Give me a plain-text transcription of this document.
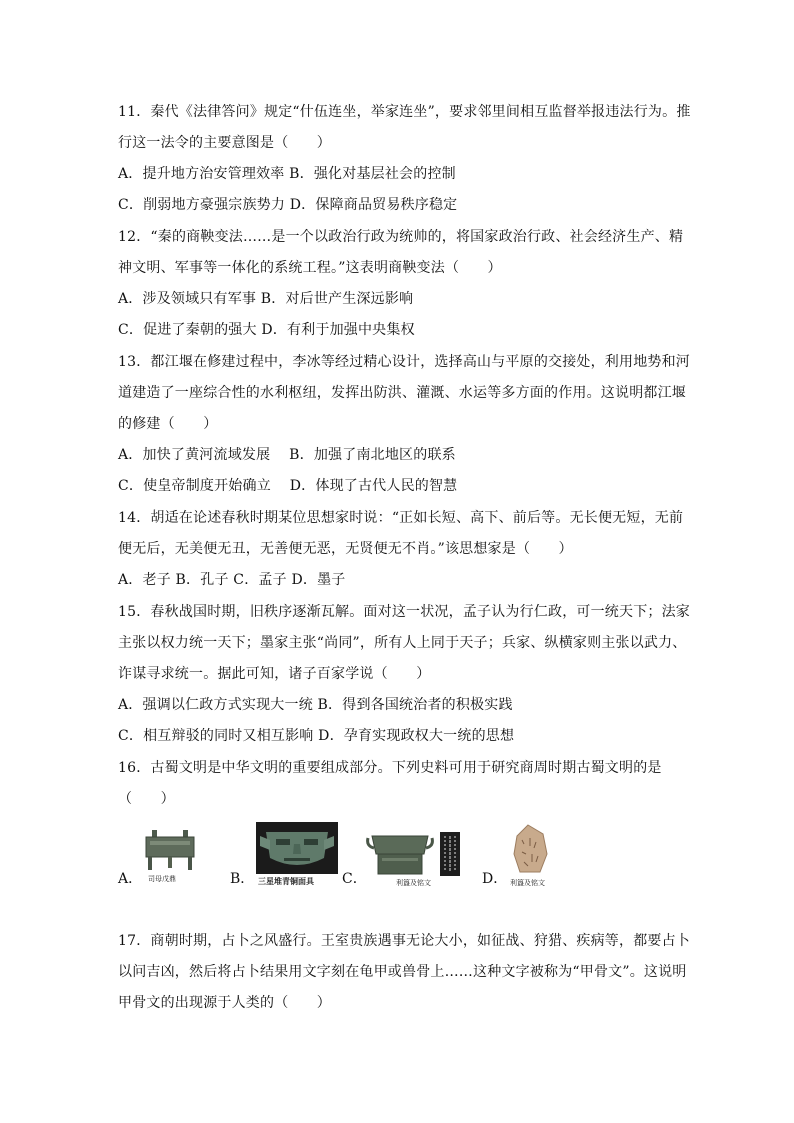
11．秦代《法律答问》规定“什伍连坐，举家连坐”，要求邻里间相互监督举报违法行为。推
行这一法令的主要意图是（　　）
A．提升地方治安管理效率 B．强化对基层社会的控制
C．削弱地方豪强宗族势力 D．保障商品贸易秩序稳定
12．“秦的商鞅变法……是一个以政治行政为统帅的，将国家政治行政、社会经济生产、精
神文明、军事等一体化的系统工程。”这表明商鞅变法（　　）
A．涉及领域只有军事 B．对后世产生深远影响
C．促进了秦朝的强大 D．有利于加强中央集权
13．都江堰在修建过程中，李冰等经过精心设计，选择高山与平原的交接处，利用地势和河
道建造了一座综合性的水利枢纽，发挥出防洪、灌溉、水运等多方面的作用。这说明都江堰
的修建（　　）
A．加快了黄河流域发展　 B．加强了南北地区的联系
C．使皇帝制度开始确立　 D．体现了古代人民的智慧
14．胡适在论述春秋时期某位思想家时说：“正如长短、高下、前后等。无长便无短，无前
便无后，无美便无丑，无善便无恶，无贤便无不肖。”该思想家是（　　）
A．老子 B．孔子 C．孟子 D．墨子
15．春秋战国时期，旧秩序逐渐瓦解。面对这一状况，孟子认为行仁政，可一统天下；法家
主张以权力统一天下；墨家主张“尚同”，所有人上同于天子；兵家、纵横家则主张以武力、
诈谋寻求统一。据此可知，诸子百家学说（　　）
A．强调以仁政方式实现大一统 B．得到各国统治者的积极实践
C．相互辩驳的同时又相互影响 D．孕育实现政权大一统的思想
16．古蜀文明是中华文明的重要组成部分。下列史料可用于研究商周时期古蜀文明的是
（　　）
A． 司母戊鼎	B． 三星堆青铜面具 C．	利簋及铭文	D． 利簋及铭文
17．商朝时期，占卜之风盛行。王室贵族遇事无论大小，如征战、狩猎、疾病等，都要占卜
以问吉凶，然后将占卜结果用文字刻在龟甲或兽骨上……这种文字被称为“甲骨文”。这说明
甲骨文的出现源于人类的（　　）
